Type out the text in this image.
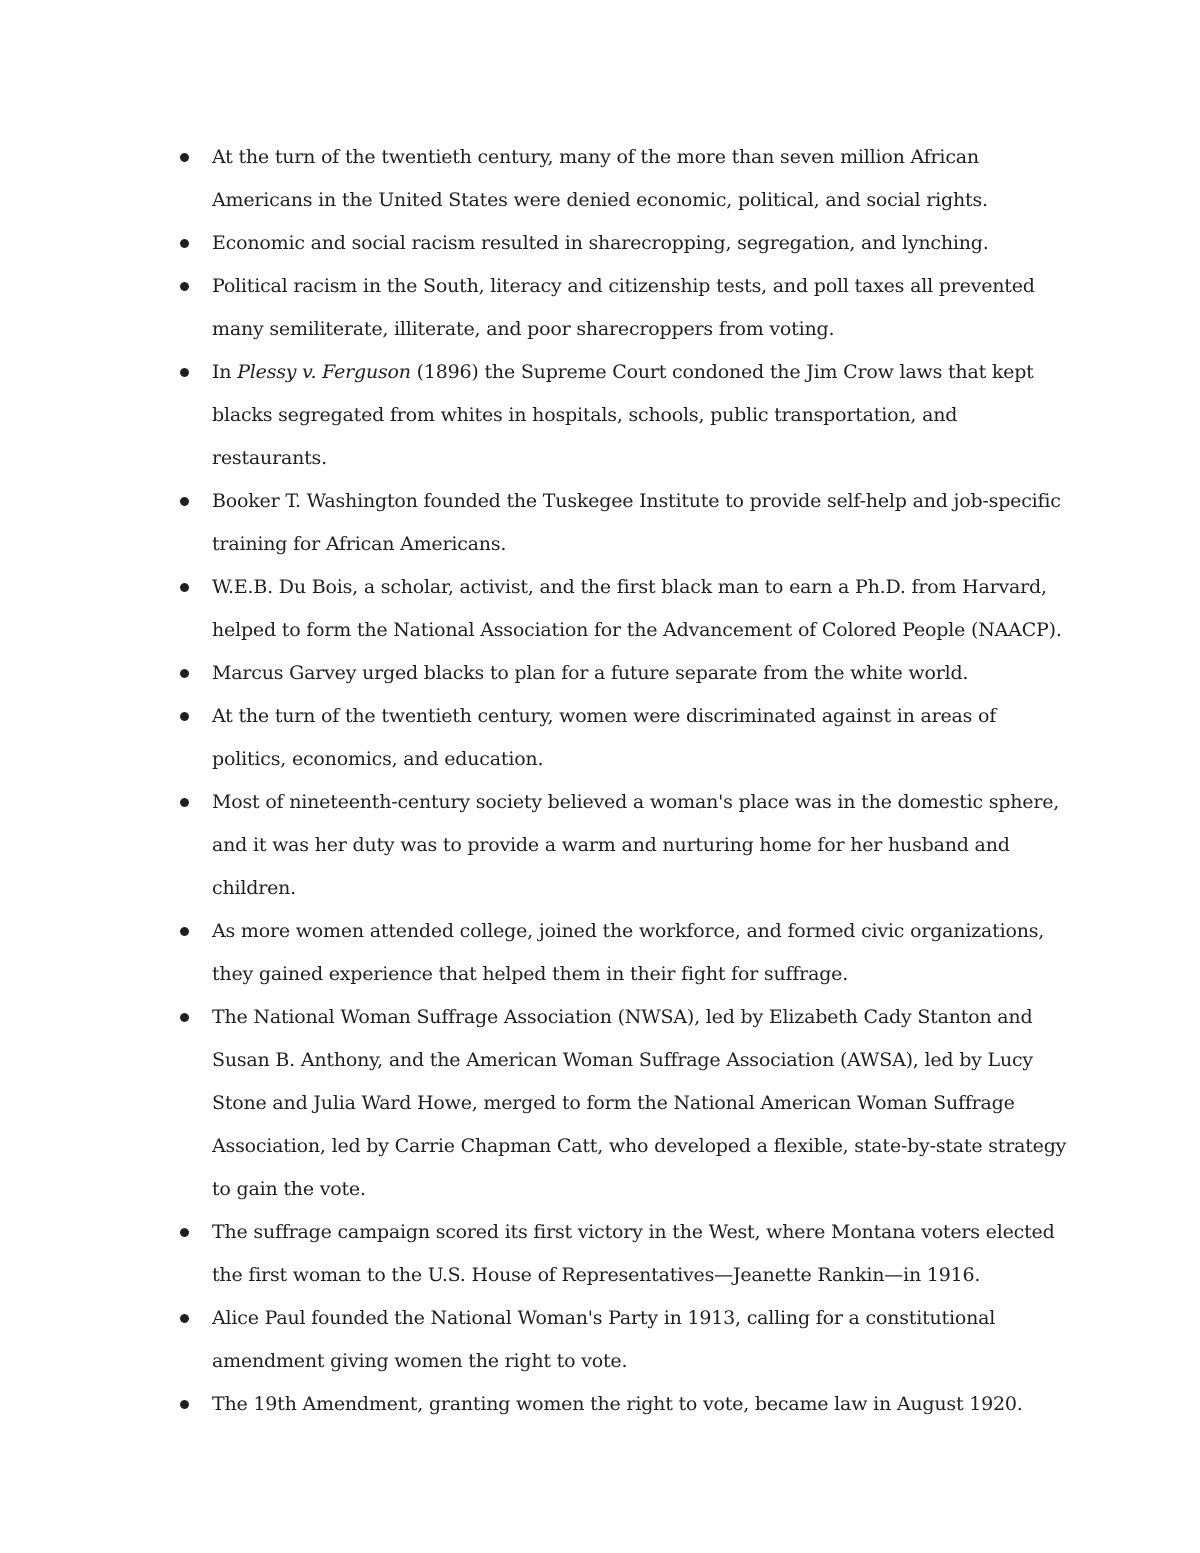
At the turn of the twentieth century, many of the more than seven million African Americans in the United States were denied economic, political, and social rights.
Economic and social racism resulted in sharecropping, segregation, and lynching.
Political racism in the South, literacy and citizenship tests, and poll taxes all prevented many semiliterate, illiterate, and poor sharecroppers from voting.
In Plessy v. Ferguson (1896) the Supreme Court condoned the Jim Crow laws that kept blacks segregated from whites in hospitals, schools, public transportation, and restaurants.
Booker T. Washington founded the Tuskegee Institute to provide self-help and job-specific training for African Americans.
W.E.B. Du Bois, a scholar, activist, and the first black man to earn a Ph.D. from Harvard, helped to form the National Association for the Advancement of Colored People (NAACP).
Marcus Garvey urged blacks to plan for a future separate from the white world.
At the turn of the twentieth century, women were discriminated against in areas of politics, economics, and education.
Most of nineteenth-century society believed a woman's place was in the domestic sphere, and it was her duty was to provide a warm and nurturing home for her husband and children.
As more women attended college, joined the workforce, and formed civic organizations, they gained experience that helped them in their fight for suffrage.
The National Woman Suffrage Association (NWSA), led by Elizabeth Cady Stanton and Susan B. Anthony, and the American Woman Suffrage Association (AWSA), led by Lucy Stone and Julia Ward Howe, merged to form the National American Woman Suffrage Association, led by Carrie Chapman Catt, who developed a flexible, state-by-state strategy to gain the vote.
The suffrage campaign scored its first victory in the West, where Montana voters elected the first woman to the U.S. House of Representatives—Jeanette Rankin—in 1916.
Alice Paul founded the National Woman's Party in 1913, calling for a constitutional amendment giving women the right to vote.
The 19th Amendment, granting women the right to vote, became law in August 1920.
